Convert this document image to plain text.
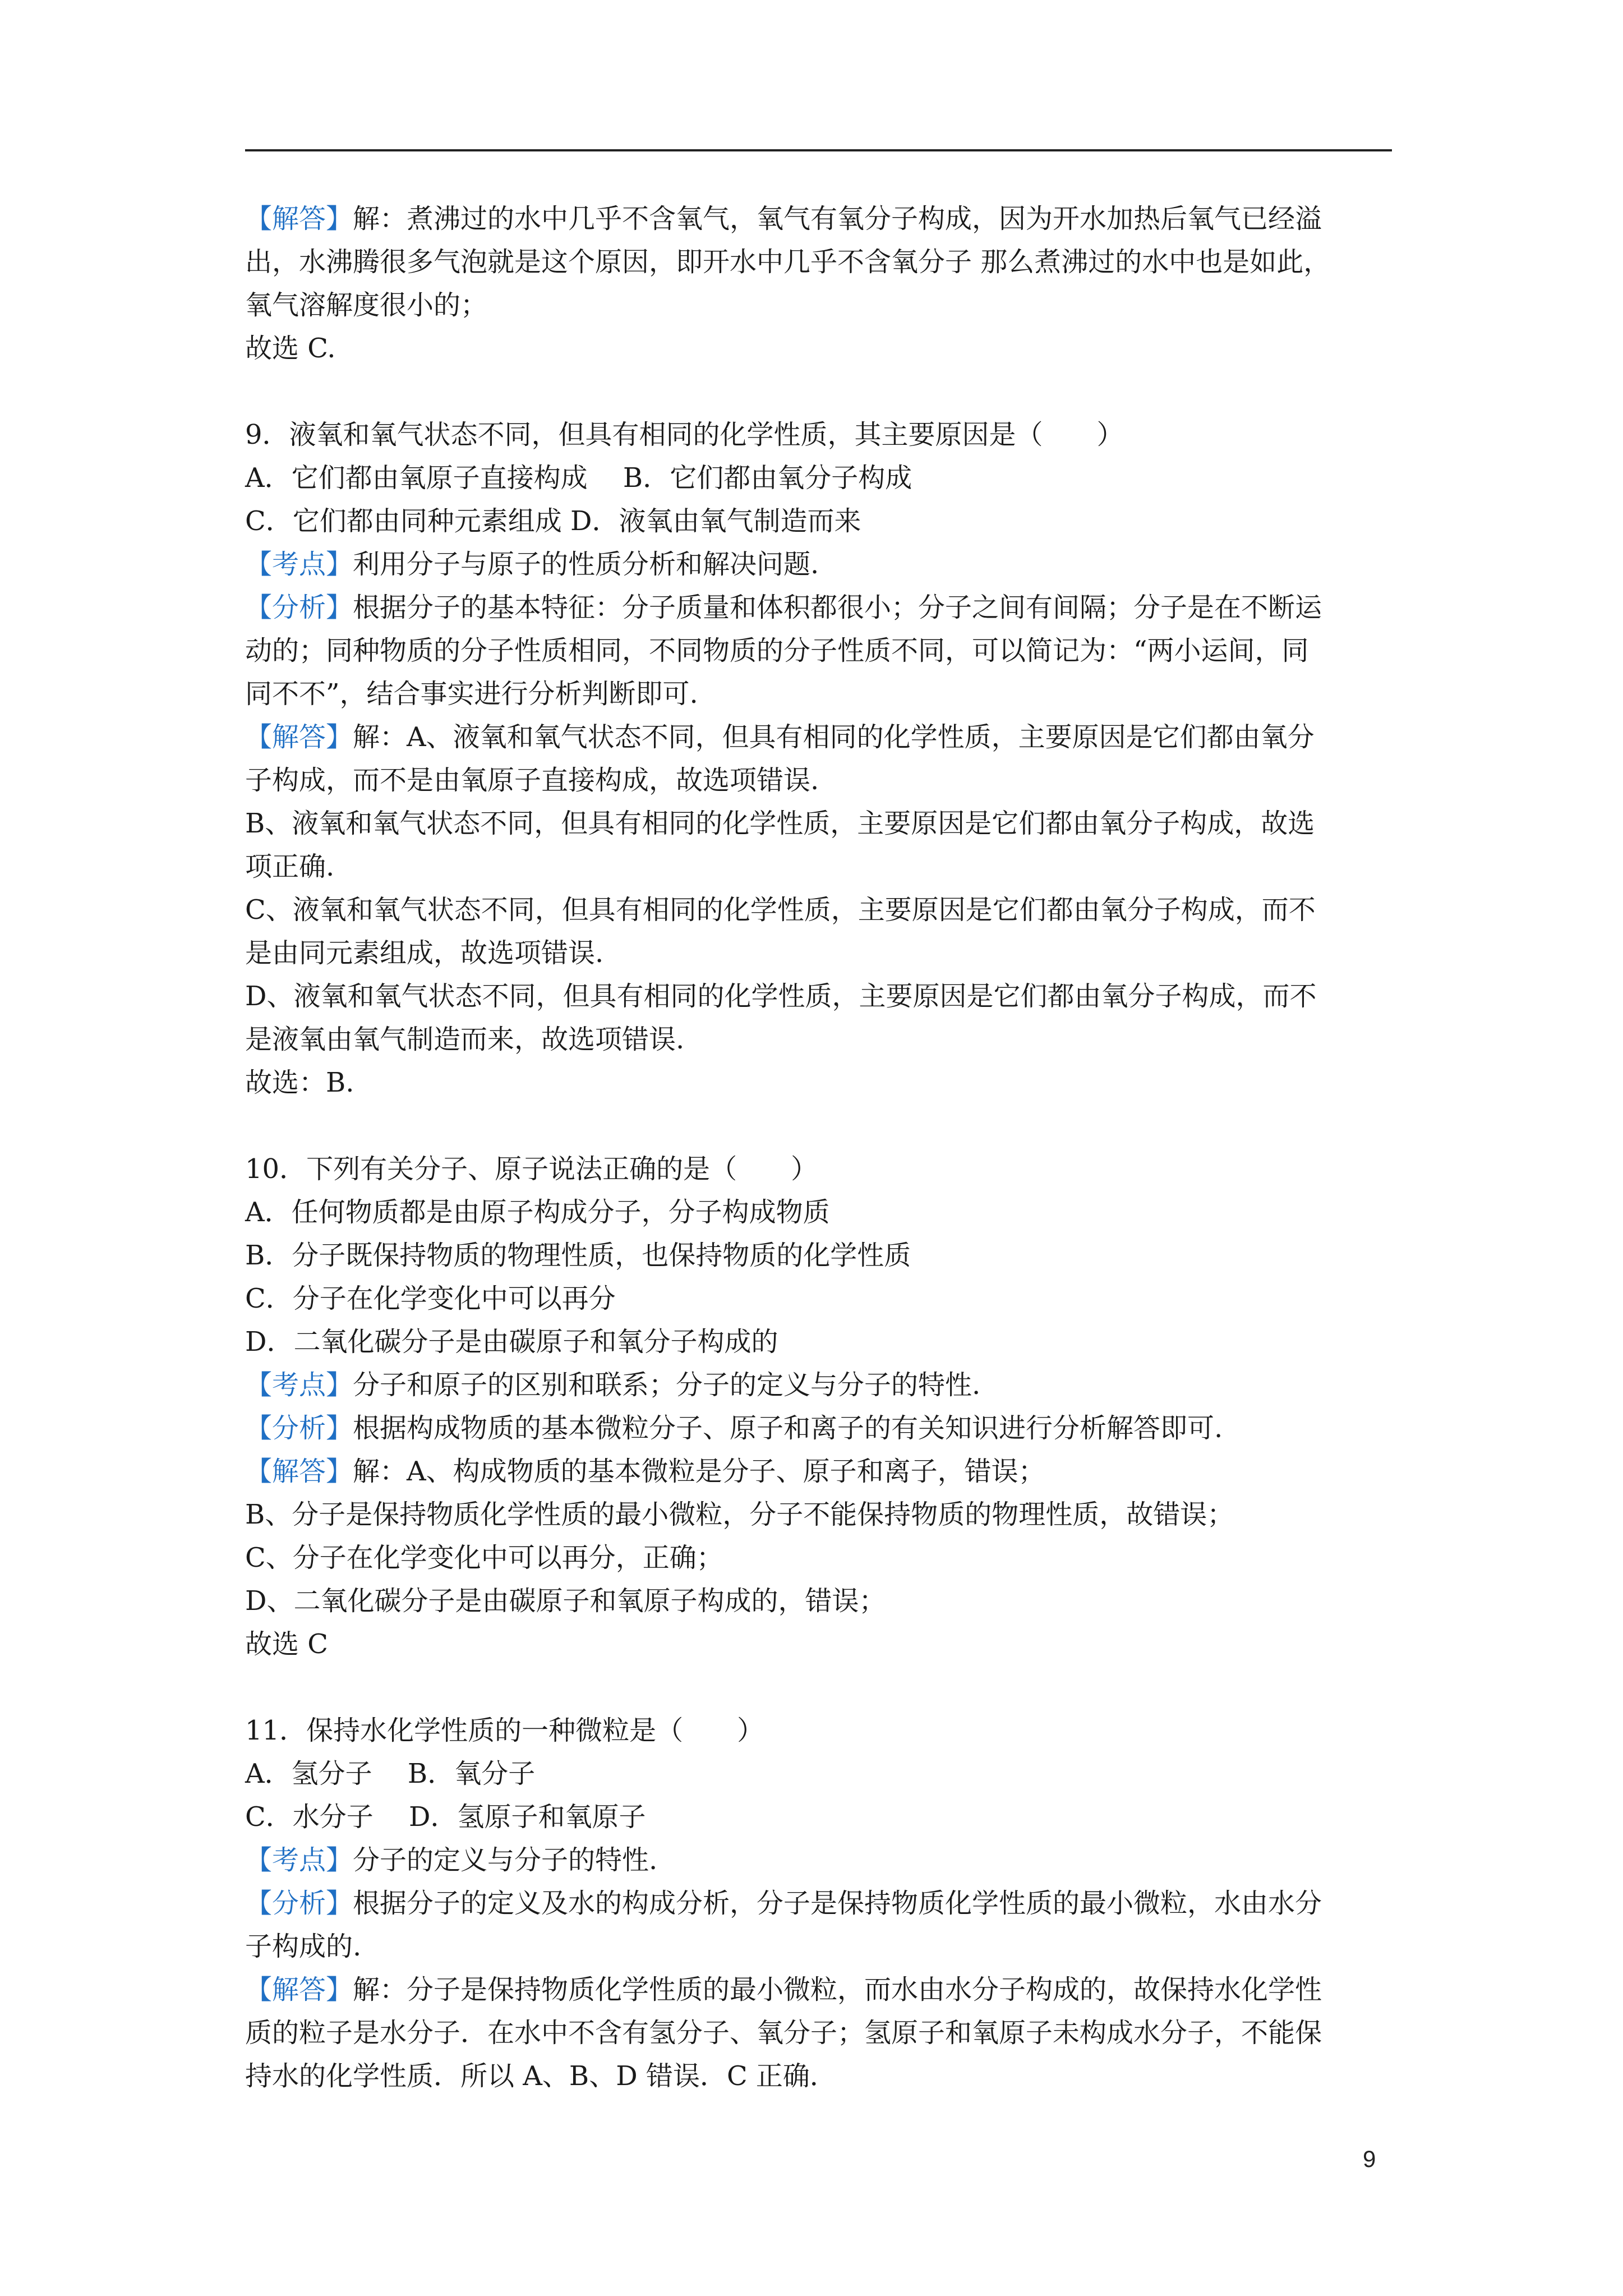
【解答】解：煮沸过的水中几乎不含氧气，氧气有氧分子构成，因为开水加热后氧气已经溢
出，水沸腾很多气泡就是这个原因，即开水中几乎不含氧分子 那么煮沸过的水中也是如此，
氧气溶解度很小的；
故选 C.
9．液氧和氧气状态不同，但具有相同的化学性质，其主要原因是（　　）
A．它们都由氧原子直接构成　 B．它们都由氧分子构成
C．它们都由同种元素组成 D．液氧由氧气制造而来
【考点】利用分子与原子的性质分析和解决问题.
【分析】根据分子的基本特征：分子质量和体积都很小；分子之间有间隔；分子是在不断运
动的；同种物质的分子性质相同，不同物质的分子性质不同，可以简记为：“两小运间，同
同不不”，结合事实进行分析判断即可.
【解答】解：A、液氧和氧气状态不同，但具有相同的化学性质，主要原因是它们都由氧分
子构成，而不是由氧原子直接构成，故选项错误.
B、液氧和氧气状态不同，但具有相同的化学性质，主要原因是它们都由氧分子构成，故选
项正确.
C、液氧和氧气状态不同，但具有相同的化学性质，主要原因是它们都由氧分子构成，而不
是由同元素组成，故选项错误.
D、液氧和氧气状态不同，但具有相同的化学性质，主要原因是它们都由氧分子构成，而不
是液氧由氧气制造而来，故选项错误.
故选：B.
10．下列有关分子、原子说法正确的是（　　）
A．任何物质都是由原子构成分子，分子构成物质
B．分子既保持物质的物理性质，也保持物质的化学性质
C．分子在化学变化中可以再分
D．二氧化碳分子是由碳原子和氧分子构成的
【考点】分子和原子的区别和联系；分子的定义与分子的特性.
【分析】根据构成物质的基本微粒分子、原子和离子的有关知识进行分析解答即可.
【解答】解：A、构成物质的基本微粒是分子、原子和离子，错误；
B、分子是保持物质化学性质的最小微粒，分子不能保持物质的物理性质，故错误；
C、分子在化学变化中可以再分，正确；
D、二氧化碳分子是由碳原子和氧原子构成的，错误；
故选 C
11．保持水化学性质的一种微粒是（　　）
A．氢分子　 B．氧分子
C．水分子　 D．氢原子和氧原子
【考点】分子的定义与分子的特性.
【分析】根据分子的定义及水的构成分析，分子是保持物质化学性质的最小微粒，水由水分
子构成的.
【解答】解：分子是保持物质化学性质的最小微粒，而水由水分子构成的，故保持水化学性
质的粒子是水分子．在水中不含有氢分子、氧分子；氢原子和氧原子未构成水分子，不能保
持水的化学性质．所以 A、B、D 错误．C 正确．
9
